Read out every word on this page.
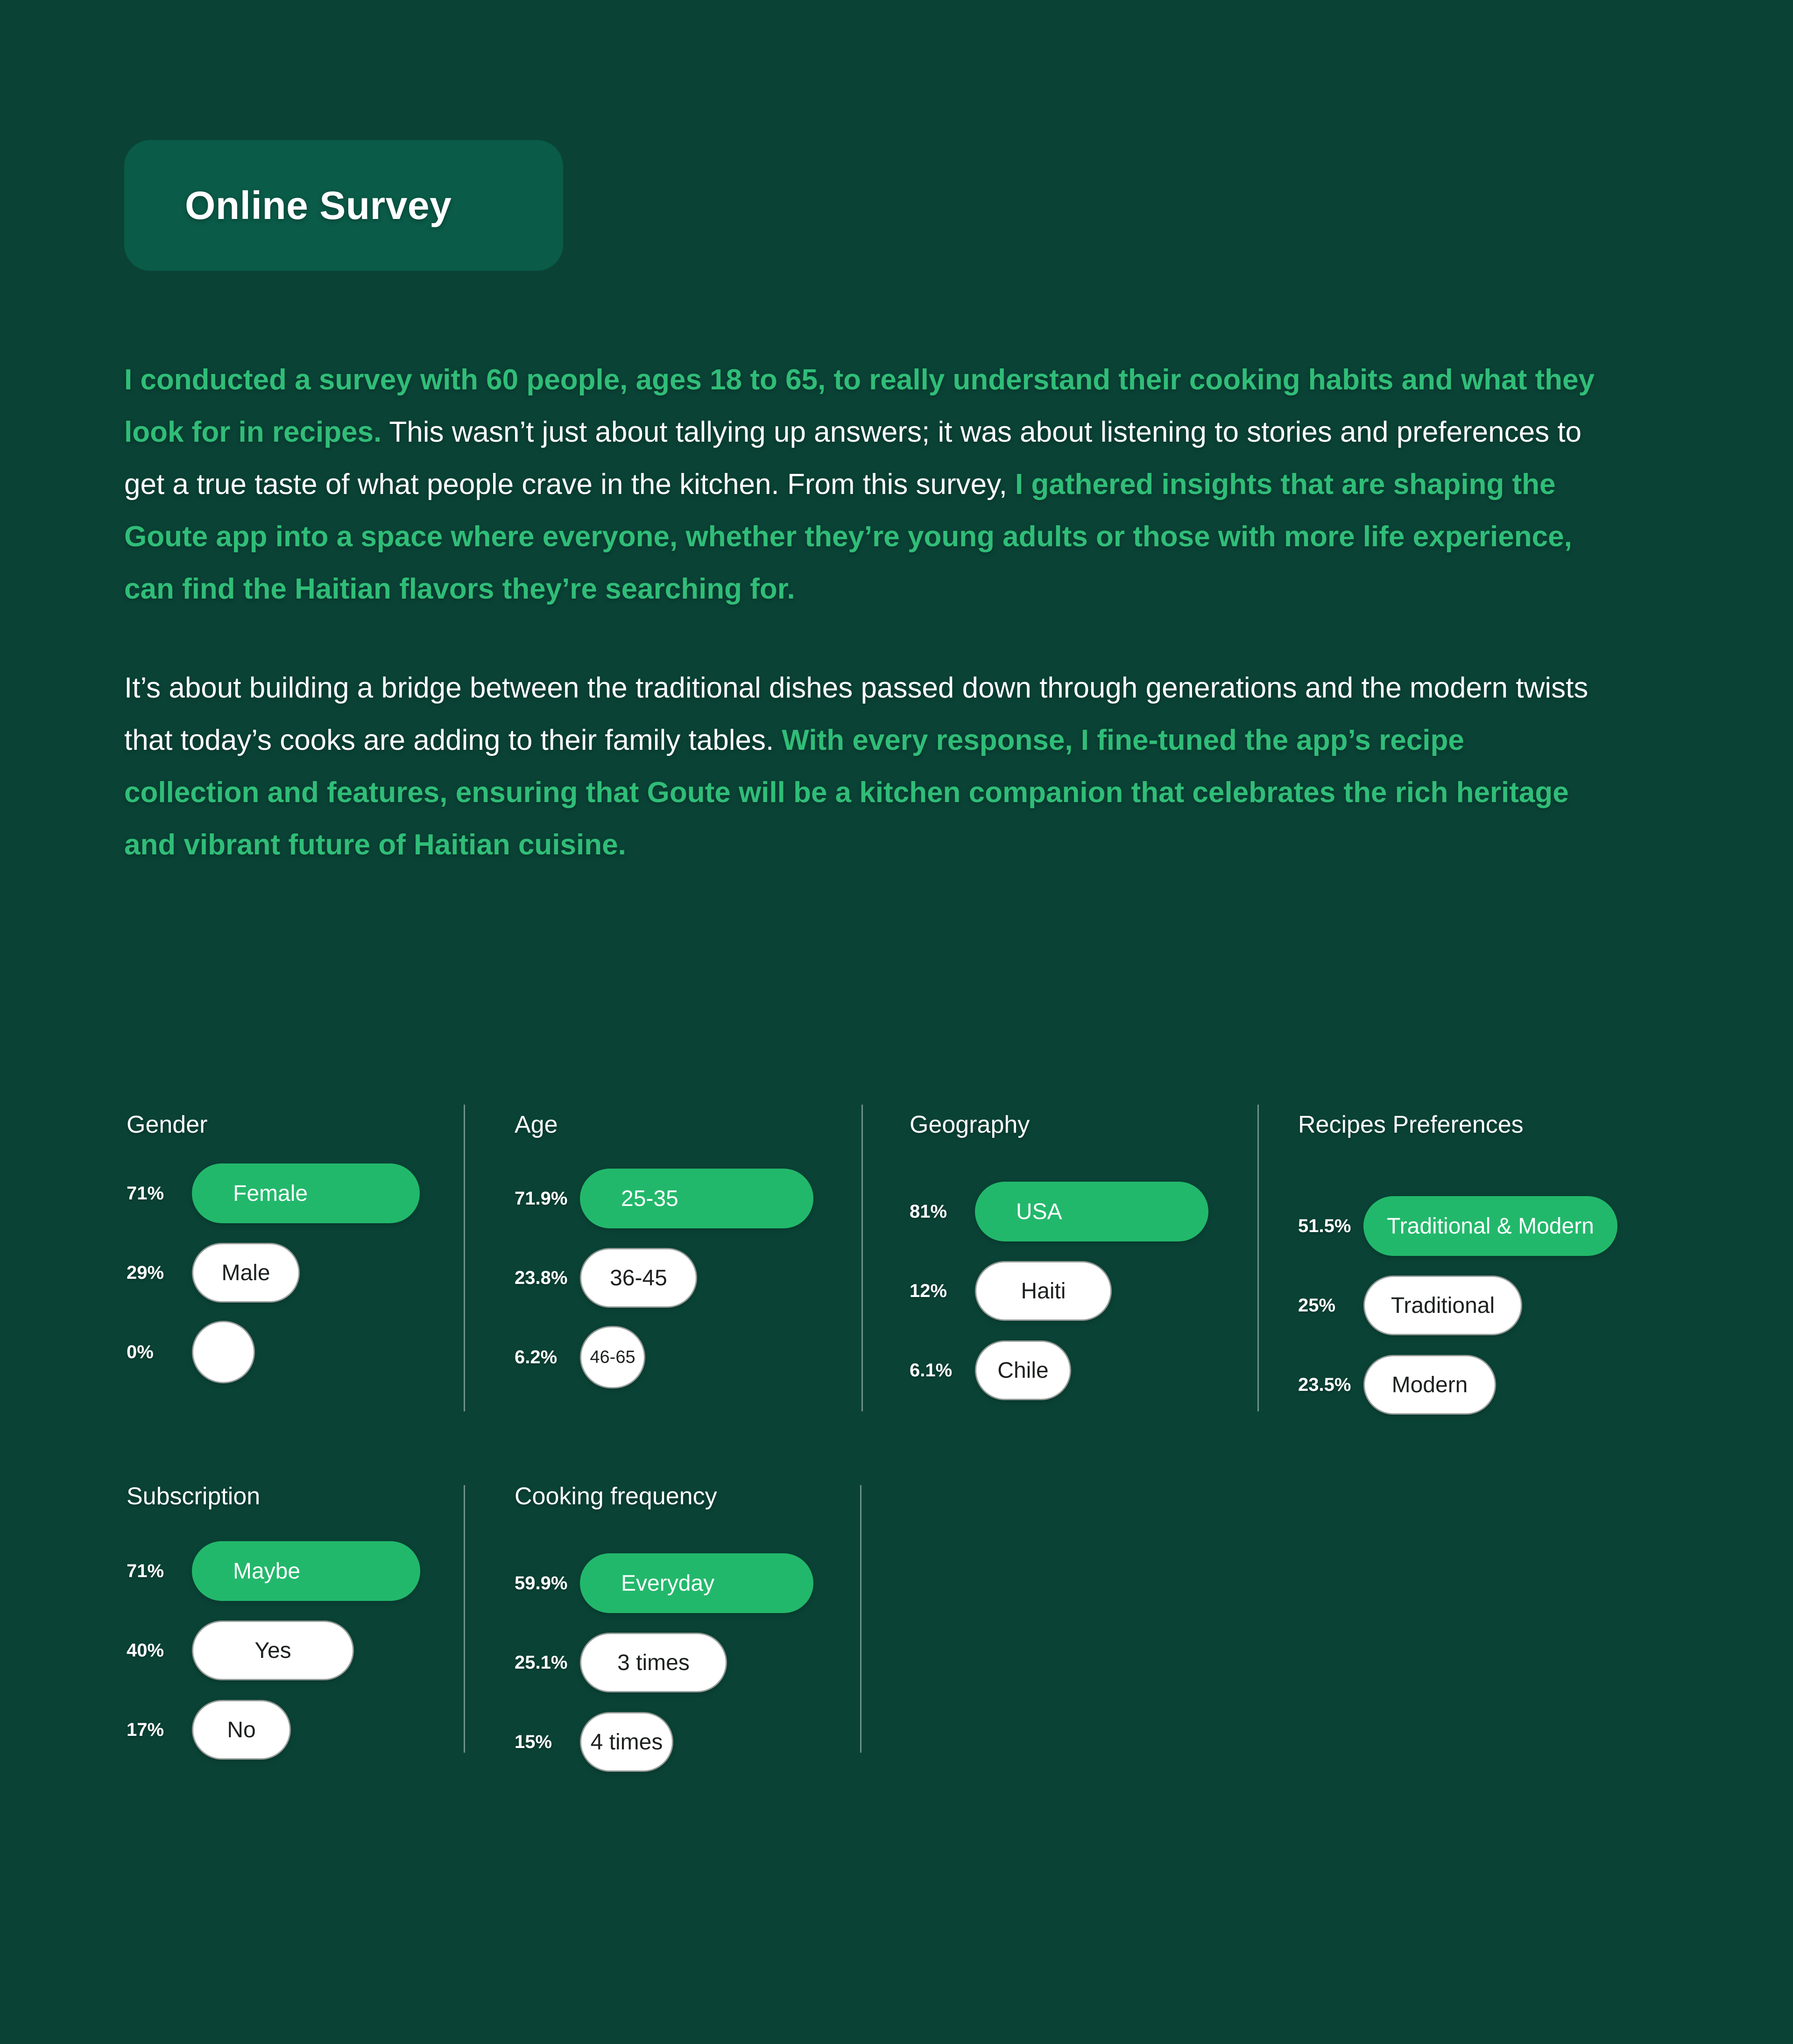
Online Survey

I conducted a survey with 60 people, ages 18 to 65, to really understand their cooking habits and what they look for in recipes. This wasn’t just about tallying up answers; it was about listening to stories and preferences to get a true taste of what people crave in the kitchen. From this survey, I gathered insights that are shaping the Goute app into a space where everyone, whether they’re young adults or those with more life experience, can find the Haitian flavors they’re searching for.

It’s about building a bridge between the traditional dishes passed down through generations and the modern twists that today’s cooks are adding to their family tables. With every response, I fine-tuned the app’s recipe collection and features, ensuring that Goute will be a kitchen companion that celebrates the rich heritage and vibrant future of Haitian cuisine.

Gender
71%	Female
29%	Male
0%
Age
71.9%	25-35
23.8%	36-45
6.2%	46-65
Geography
81%	USA
12%	Haiti
6.1%	Chile
Recipes Preferences
51.5%	Traditional & Modern
25%	Traditional
23.5%	Modern
Subscription
71%	Maybe
40%	Yes
17%	No
Cooking frequency
59.9%	Everyday
25.1%	3 times
15%	4 times
